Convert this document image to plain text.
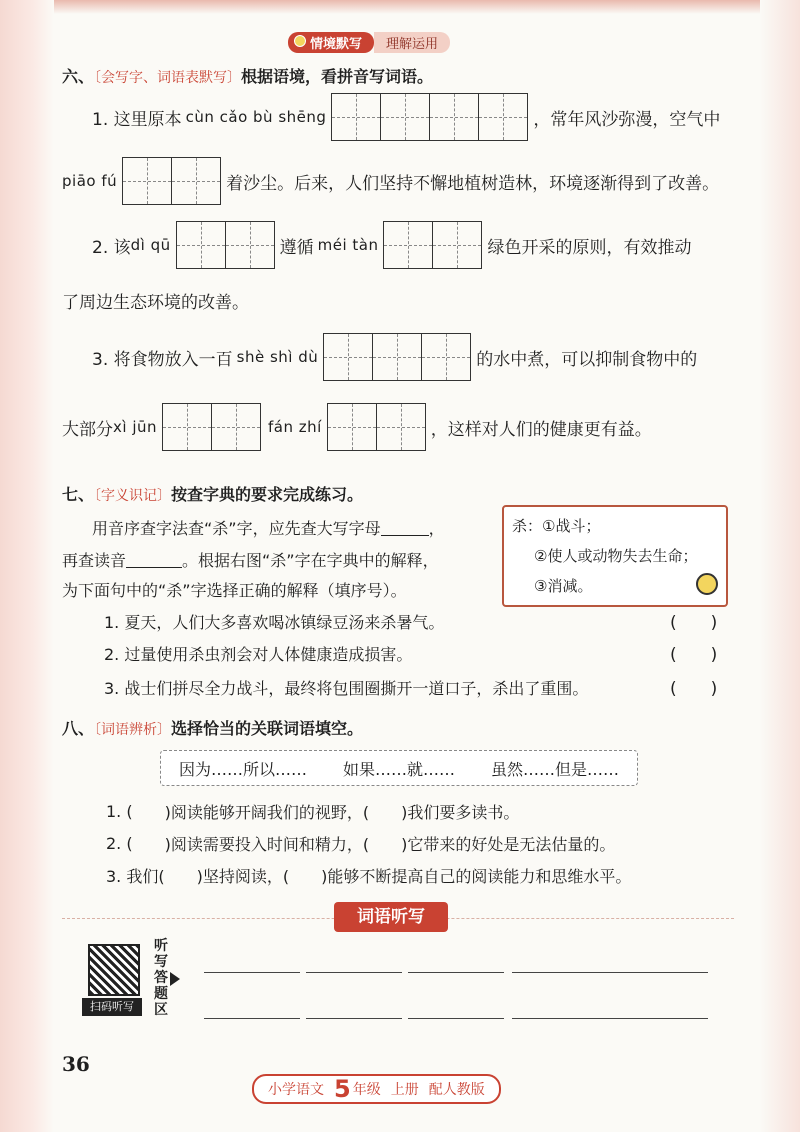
情境默写	理解运用
六、〔会写字、词语表默写〕根据语境，看拼音写词语。
1. 这里原本 cùn cǎo bù shēng	，常年风沙弥漫，空气中
piāo fú	着沙尘。后来，人们坚持不懈地植树造林，环境逐渐得到了改善。
2. 该 dì qū	遵循 méi tàn	绿色开采的原则，有效推动
了周边生态环境的改善。
3. 将食物放入一百 shè shì dù	的水中煮，可以抑制食物中的
大部分 xì jūn	fán zhí	，这样对人们的健康更有益。
七、〔字义识记〕按查字典的要求完成练习。
用音序查字法查“杀”字，应先查大写字母	，
再查读音	。根据右图“杀”字在字典中的解释，
为下面句中的“杀”字选择正确的解释（填序号）。
杀：①战斗；
②使人或动物失去生命；
③消减。
1. 夏天，人们大多喜欢喝冰镇绿豆汤来杀暑气。	(　　)
2. 过量使用杀虫剂会对人体健康造成损害。	(　　)
3. 战士们拼尽全力战斗，最终将包围圈撕开一道口子，杀出了重围。	(　　)
八、〔词语辨析〕选择恰当的关联词语填空。
因为……所以…… 如果……就…… 虽然……但是……
1. ( 　　)阅读能够开阔我们的视野，( 　　)我们要多读书。
2. ( 　　)阅读需要投入时间和精力，( 　　)它带来的好处是无法估量的。
3. 我们( 　　)坚持阅读，( 　　)能够不断提高自己的阅读能力和思维水平。
词语听写
扫码听写
听写答题区
36
小学语文 5 年级 上册 配人教版
